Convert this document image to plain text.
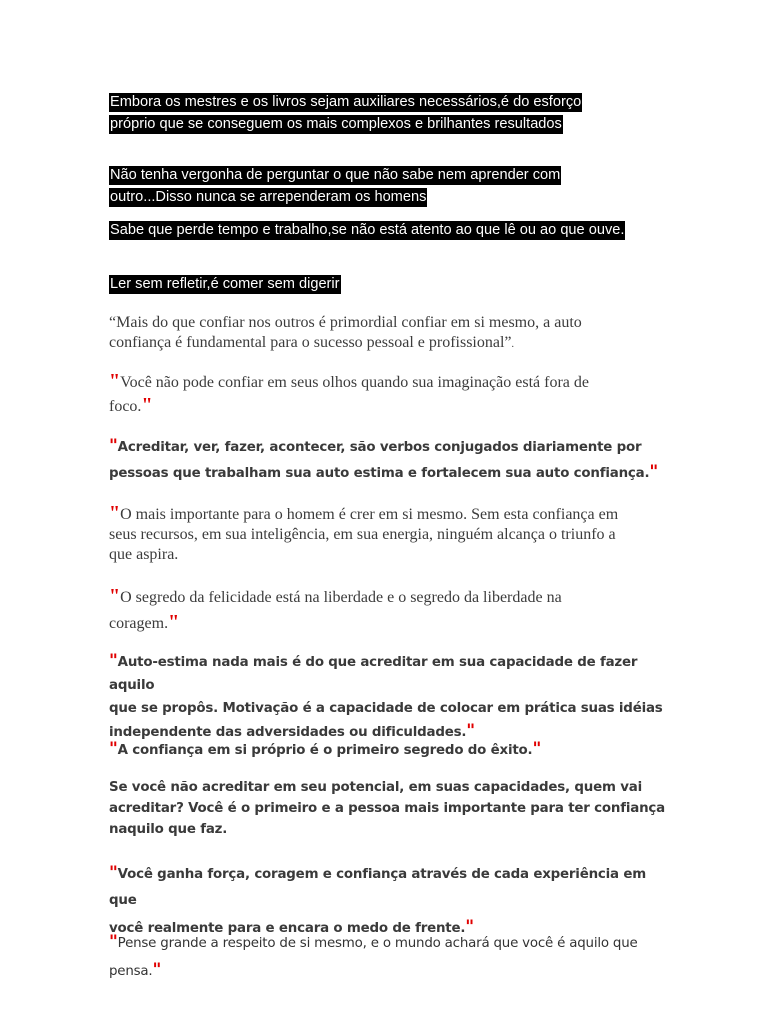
Embora os mestres e os livros sejam auxiliares necessários,é do esforço
próprio que se conseguem os mais complexos e brilhantes resultados
Não tenha vergonha de perguntar o que não sabe nem aprender com
outro...Disso nunca se arrependeram os homens
Sabe que perde tempo e trabalho,se não está atento ao que lê ou ao que ouve.
Ler sem refletir,é comer sem digerir
“Mais do que confiar nos outros é primordial confiar em si mesmo, a auto
confiança é fundamental para o sucesso pessoal e profissional”.
"Você não pode confiar em seus olhos quando sua imaginação está fora de
foco."
"Acreditar, ver, fazer, acontecer, são verbos conjugados diariamente por
pessoas que trabalham sua auto estima e fortalecem sua auto confiança."
"O mais importante para o homem é crer em si mesmo. Sem esta confiança em
seus recursos, em sua inteligência, em sua energia, ninguém alcança o triunfo a
que aspira.
"O segredo da felicidade está na liberdade e o segredo da liberdade na
coragem."
"Auto-estima nada mais é do que acreditar em sua capacidade de fazer aquilo
que se propôs. Motivação é a capacidade de colocar em prática suas idéias
independente das adversidades ou dificuldades."
"A confiança em si próprio é o primeiro segredo do êxito."
Se você não acreditar em seu potencial, em suas capacidades, quem vai
acreditar? Você é o primeiro e a pessoa mais importante para ter confiança
naquilo que faz.
"Você ganha força, coragem e confiança através de cada experiência em que
você realmente para e encara o medo de frente."
"Pense grande a respeito de si mesmo, e o mundo achará que você é aquilo que
pensa."
